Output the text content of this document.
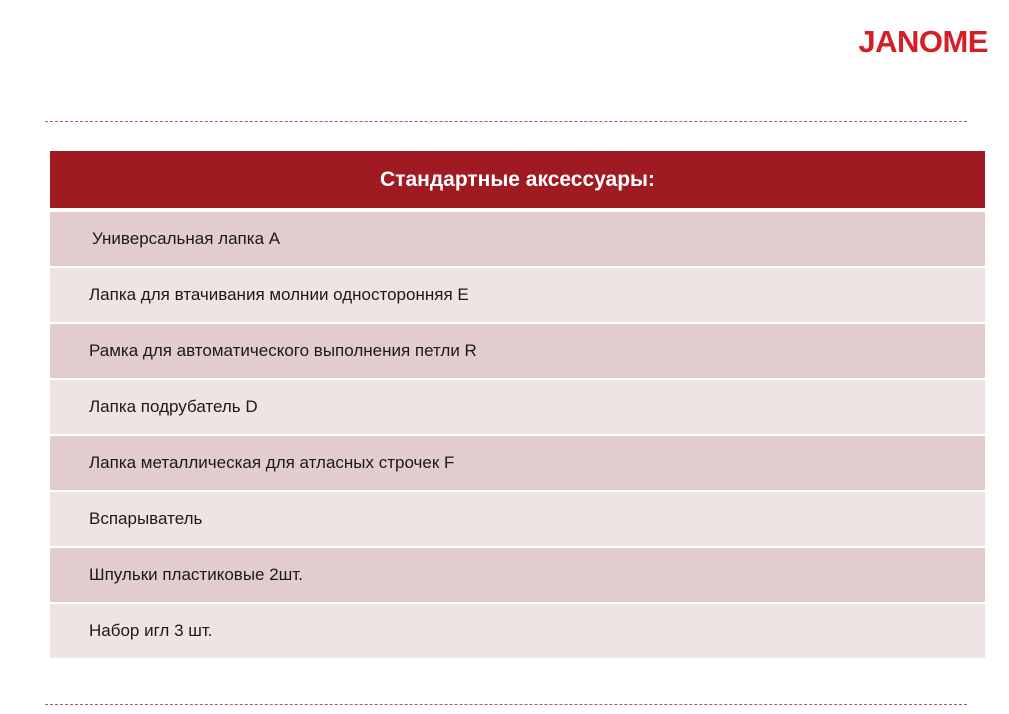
JANOME
Стандартные аксессуары:
Универсальная лапка А
Лапка для втачивания молнии односторонняя Е
Рамка для автоматического выполнения петли R
Лапка подрубатель D
Лапка металлическая для атласных строчек F
Вспарыватель
Шпульки пластиковые 2шт.
Набор игл 3 шт.
